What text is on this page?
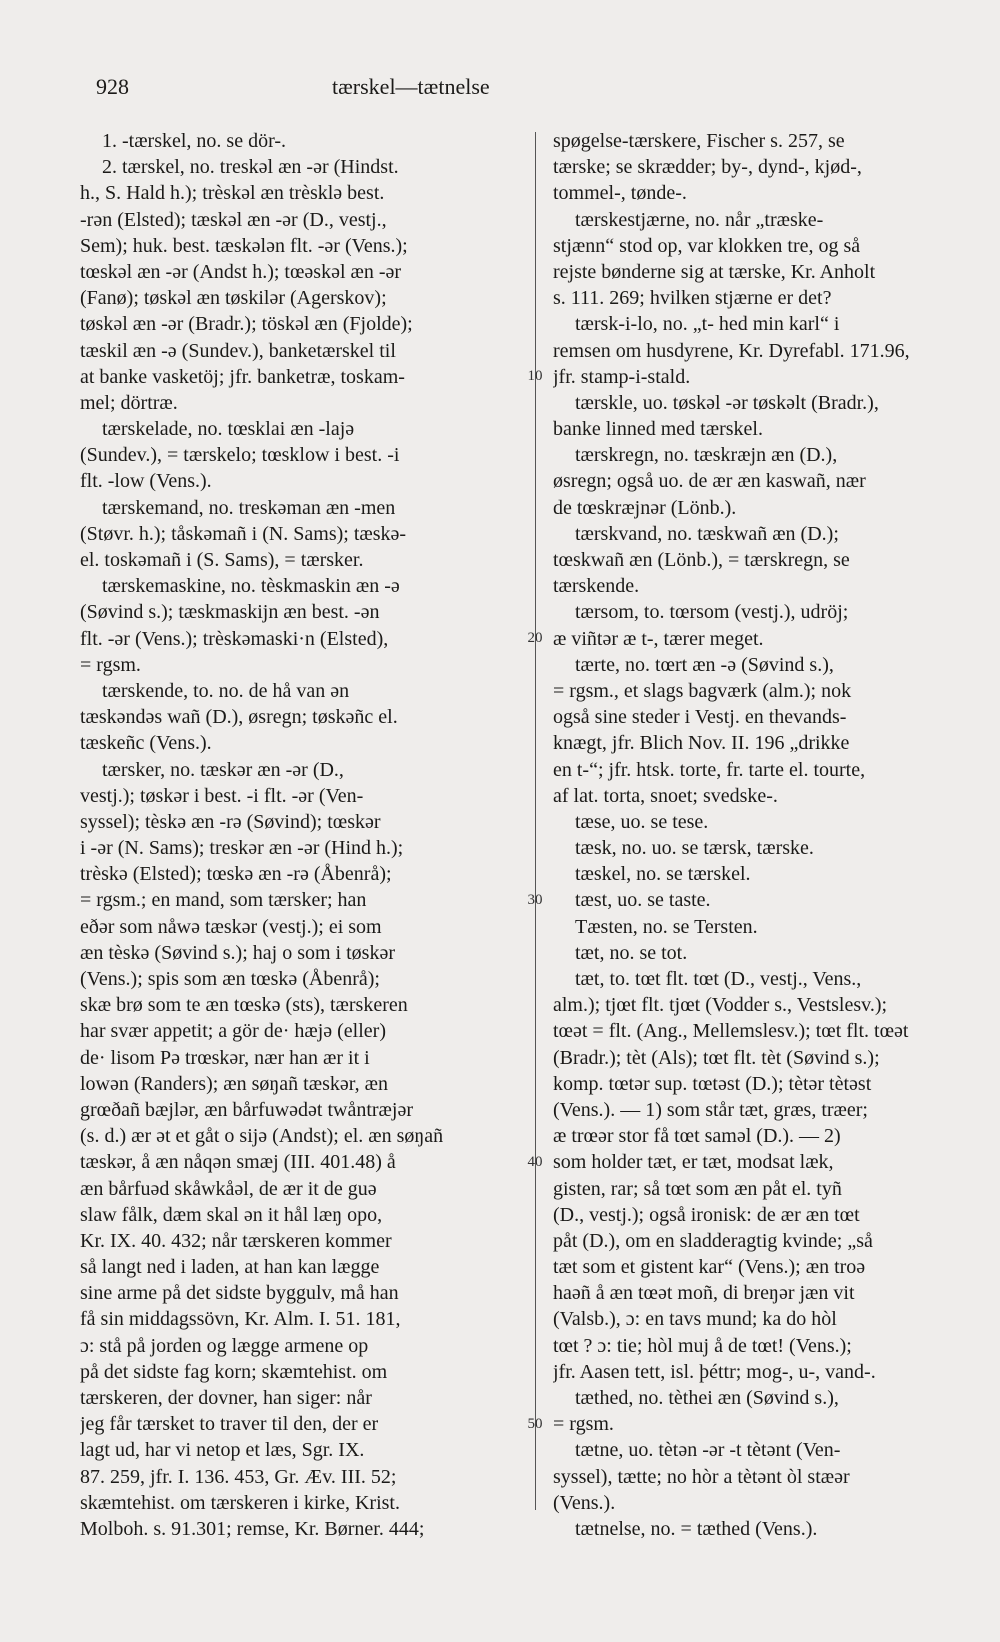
928	tærskel—tætnelse
1. -tærskel, no. se dör-.
2. tærskel, no. treskəl æn -ər (Hindst.
h., S. Hald h.); trèskəl æn trèsklə best.
-rən (Elsted); tæskəl æn -ər (D., vestj.,
Sem); huk. best. tæskələn flt. -ər (Vens.);
tœskəl æn -ər (Andst h.); tœəskəl æn -ər
(Fanø); tøskəl æn tøskilər (Agerskov);
tøskəl æn -ər (Bradr.); töskəl æn (Fjolde);
tæskil æn -ə (Sundev.), banketærskel til
at banke vasketöj; jfr. banketræ, toskam-
mel; dörtræ.
tærskelade, no. tœsklai æn -lajə
(Sundev.), = tærskelo; tœsklow i best. -i
flt. -low (Vens.).
tærskemand, no. treskəman æn -men
(Støvr. h.); tåskəmañ i (N. Sams); tæskə-
el. toskəmañ i (S. Sams), = tærsker.
tærskemaskine, no. tèskmaskin æn -ə
(Søvind s.); tæskmaskijn æn best. -ən
flt. -ər (Vens.); trèskəmaski·n (Elsted),
= rgsm.
tærskende, to. no. de hå van ən
tæskəndəs wañ (D.), øsregn; tøskəñc el.
tæskeñc (Vens.).
tærsker, no. tæskər æn -ər (D.,
vestj.); tøskər i best. -i flt. -ər (Ven-
syssel); tèskə æn -rə (Søvind); tœskər
i -ər (N. Sams); treskər æn -ər (Hind h.);
trèskə (Elsted); tœskə æn -rə (Åbenrå);
= rgsm.; en mand, som tærsker; han
eðər som nåwə tæskər (vestj.); ei som
æn tèskə (Søvind s.); haj o som i tøskər
(Vens.); spis som æn tœskə (Åbenrå);
skæ brø som te æn tœskə (sts), tærskeren
har svær appetit; a gör de· hæjə (eller)
de· lisom Pə trœskər, nær han ær it i
lowən (Randers); æn søŋañ tæskər, æn
grœðañ bæjlər, æn bårfuwədət twåntræjər
(s. d.) ær ət et gåt o sijə (Andst); el. æn søŋañ
tæskər, å æn nåqən smæj (III. 401.48) å
æn bårfuəd skåwkåəl, de ær it de guə
slaw fålk, dæm skal ən it hål læŋ opo,
Kr. IX. 40. 432; når tærskeren kommer
så langt ned i laden, at han kan lægge
sine arme på det sidste byggulv, må han
få sin middagssövn, Kr. Alm. I. 51. 181,
ɔ: stå på jorden og lægge armene op
på det sidste fag korn; skæmtehist. om
tærskeren, der dovner, han siger: når
jeg får tærsket to traver til den, der er
lagt ud, har vi netop et læs, Sgr. IX.
87. 259, jfr. I. 136. 453, Gr. Æv. III. 52;
skæmtehist. om tærskeren i kirke, Krist.
Molboh. s. 91.301; remse, Kr. Børner. 444;
spøgelse-tærskere, Fischer s. 257, se
tærske; se skrædder; by-, dynd-, kjød-,
tommel-, tønde-.
tærskestjærne, no. når „træske-
stjænn“ stod op, var klokken tre, og så
rejste bønderne sig at tærske, Kr. Anholt
s. 111. 269; hvilken stjærne er det?
tærsk-i-lo, no. „t- hed min karl“ i
remsen om husdyrene, Kr. Dyrefabl. 171.96,
jfr. stamp-i-stald.
tærskle, uo. tøskəl -ər tøskəlt (Bradr.),
banke linned med tærskel.
tærskregn, no. tæskræjn æn (D.),
øsregn; også uo. de ær æn kaswañ, nær
de tœskræjnər (Lönb.).
tærskvand, no. tæskwañ æn (D.);
tœskwañ æn (Lönb.), = tærskregn, se
tærskende.
tærsom, to. tœrsom (vestj.), udröj;
æ viñtər æ t-, tærer meget.
tærte, no. tœrt æn -ə (Søvind s.),
= rgsm., et slags bagværk (alm.); nok
også sine steder i Vestj. en thevands-
knægt, jfr. Blich Nov. II. 196 „drikke
en t-“; jfr. htsk. torte, fr. tarte el. tourte,
af lat. torta, snoet; svedske-.
tæse, uo. se tese.
tæsk, no. uo. se tærsk, tærske.
tæskel, no. se tærskel.
tæst, uo. se taste.
Tæsten, no. se Tersten.
tæt, no. se tot.
tæt, to. tœt flt. tœt (D., vestj., Vens.,
alm.); tjœt flt. tjœt (Vodder s., Vestslesv.);
tœət = flt. (Ang., Mellemslesv.); tœt flt. tœət
(Bradr.); tèt (Als); tœt flt. tèt (Søvind s.);
komp. tœtər sup. tœtəst (D.); tètər tètəst
(Vens.). — 1) som står tæt, græs, træer;
æ trœər stor få tœt saməl (D.). — 2)
som holder tæt, er tæt, modsat læk,
gisten, rar; så tœt som æn påt el. tyñ
(D., vestj.); også ironisk: de ær æn tœt
påt (D.), om en sladderagtig kvinde; „så
tæt som et gistent kar“ (Vens.); æn troə
haəñ å æn tœət moñ, di breŋər jæn vit
(Valsb.), ɔ: en tavs mund; ka do hòl
tœt ? ɔ: tie; hòl muj å de tœt! (Vens.);
jfr. Aasen tett, isl. þéttr; mog-, u-, vand-.
tæthed, no. tèthei æn (Søvind s.),
= rgsm.
tætne, uo. tètən -ər -t tètənt (Ven-
syssel), tætte; no hòr a tètənt òl stæər
(Vens.).
tætnelse, no. = tæthed (Vens.).
10
20
30
40
50
